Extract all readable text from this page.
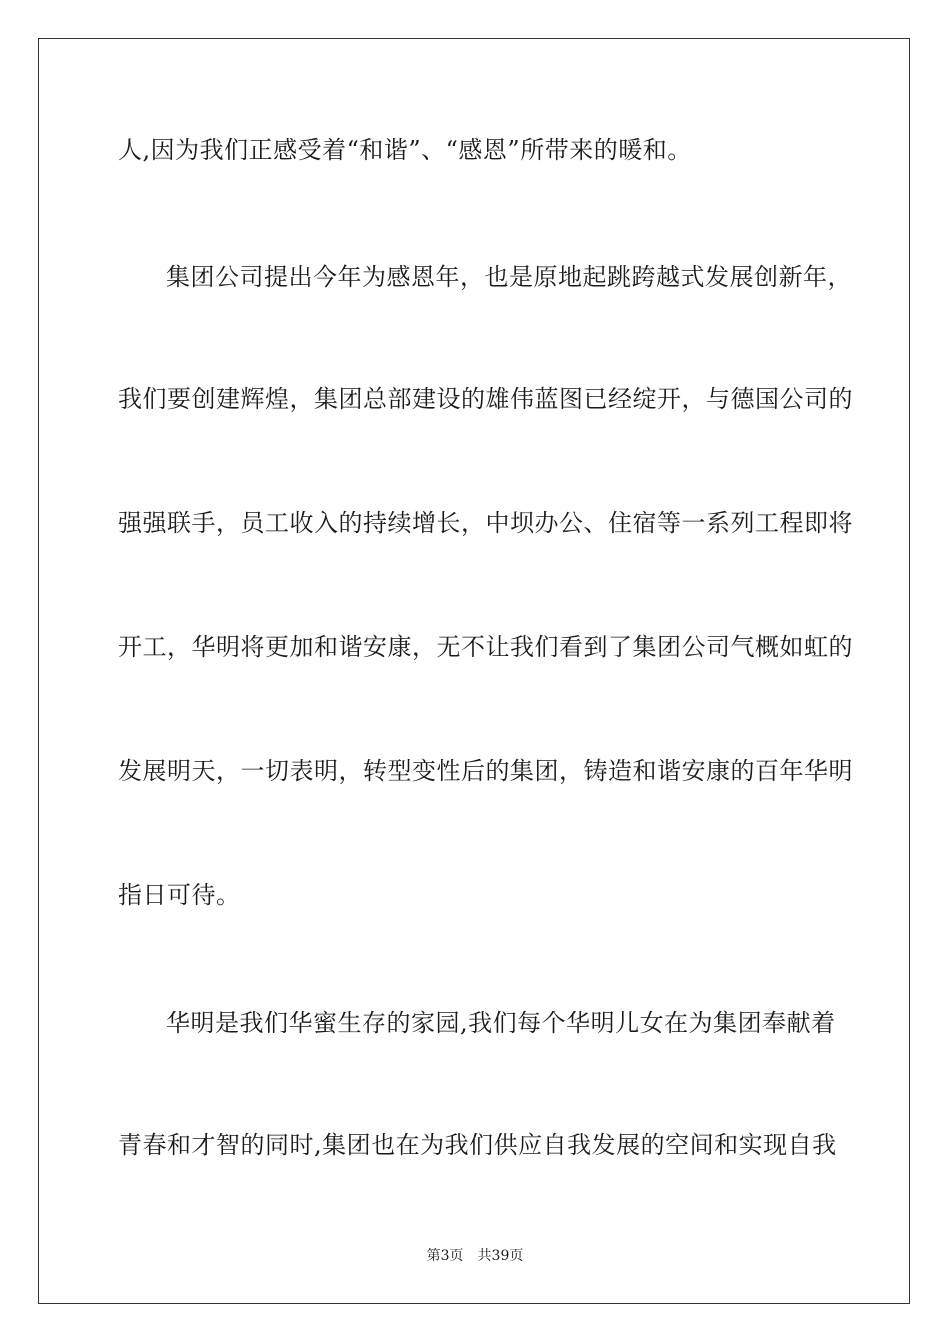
人,因为我们正感受着“和谐”、“感恩”所带来的暖和。
集团公司提出今年为感恩年，也是原地起跳跨越式发展创新年，
我们要创建辉煌，集团总部建设的雄伟蓝图已经绽开，与德国公司的
强强联手，员工收入的持续增长，中坝办公、住宿等一系列工程即将
开工，华明将更加和谐安康，无不让我们看到了集团公司气概如虹的
发展明天，一切表明，转型变性后的集团，铸造和谐安康的百年华明
指日可待。
华明是我们华蜜生存的家园,我们每个华明儿女在为集团奉献着
青春和才智的同时,集团也在为我们供应自我发展的空间和实现自我
第3页 共39页
